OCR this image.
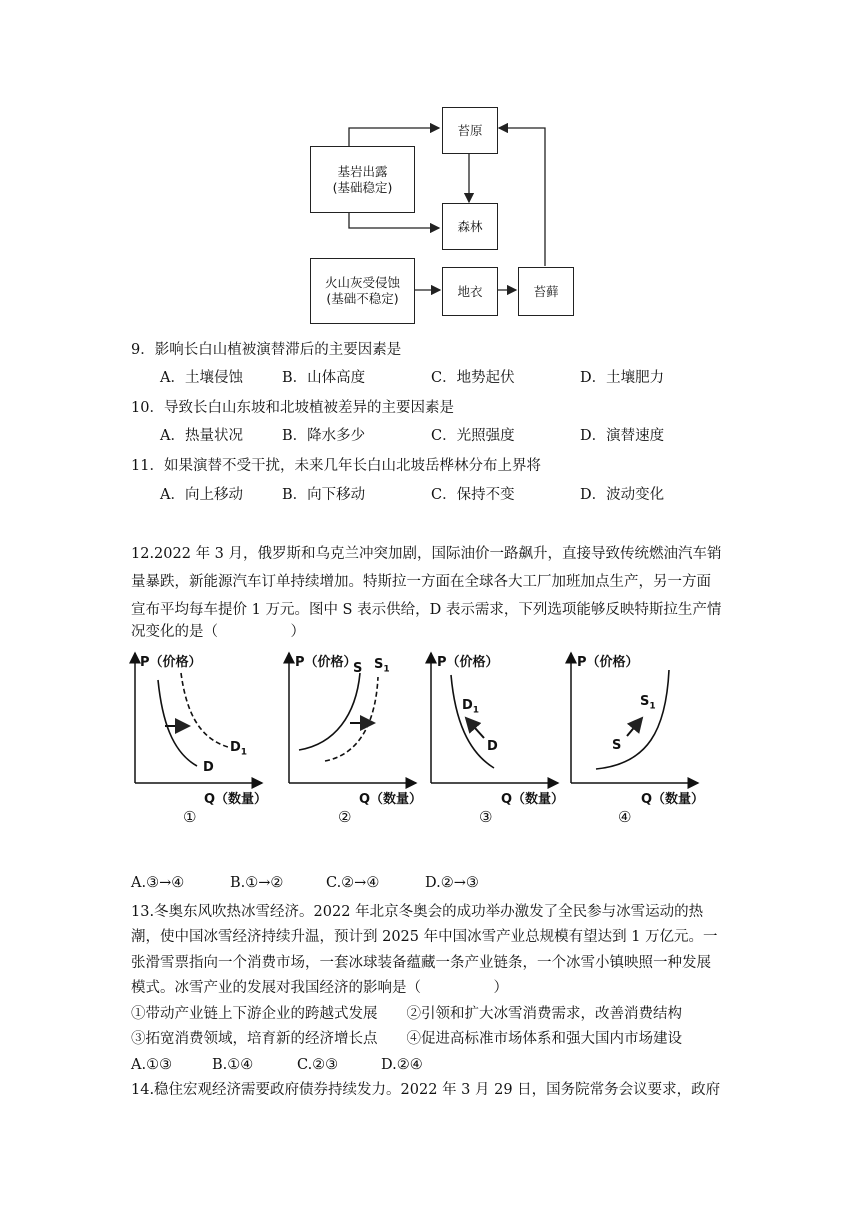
苔原
基岩出露
(基础稳定)
森林
火山灰受侵蚀
(基础不稳定)	地衣	苔藓
9．影响长白山植被演替滞后的主要因素是
A．土壤侵蚀	B．山体高度	C．地势起伏	D．土壤肥力
10．导致长白山东坡和北坡植被差异的主要因素是
A．热量状况	B．降水多少	C．光照强度	D．演替速度
11．如果演替不受干扰，未来几年长白山北坡岳桦林分布上界将
A．向上移动	B．向下移动	C．保持不变	D．波动变化
12.2022 年 3 月，俄罗斯和乌克兰冲突加剧，国际油价一路飙升，直接导致传统燃油汽车销
量暴跌，新能源汽车订单持续增加。特斯拉一方面在全球各大工厂加班加点生产，另一方面
宣布平均每车提价 1 万元。图中 S 表示供给，D 表示需求，下列选项能够反映特斯拉生产情
况变化的是（　　　　　）
P（价格）
Q（数量）
$D_1$
D
①
P（价格）
Q（数量）
S $S_1$
②
P（价格）
Q（数量）
$D_1$
D
③
P（价格）
Q（数量）
$S_1$
S
④
A.③→④	B.①→②	C.②→④	D.②→③
13.冬奥东风吹热冰雪经济。2022 年北京冬奥会的成功举办激发了全民参与冰雪运动的热
潮，使中国冰雪经济持续升温，预计到 2025 年中国冰雪产业总规模有望达到 1 万亿元。一
张滑雪票指向一个消费市场，一套冰球装备蕴藏一条产业链条，一个冰雪小镇映照一种发展
模式。冰雪产业的发展对我国经济的影响是（　　　　　）
①带动产业链上下游企业的跨越式发展　　②引领和扩大冰雪消费需求，改善消费结构
③拓宽消费领域，培育新的经济增长点　　④促进高标准市场体系和强大国内市场建设
A.①③	B.①④	C.②③	D.②④
14.稳住宏观经济需要政府债券持续发力。2022 年 3 月 29 日，国务院常务会议要求，政府
